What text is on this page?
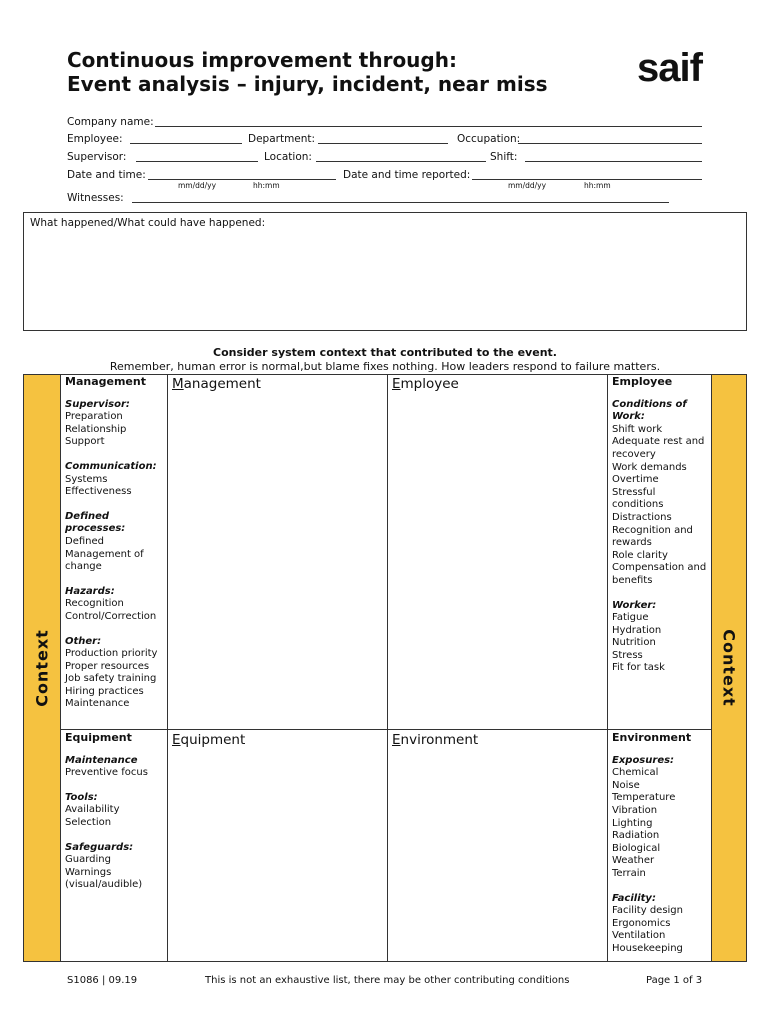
Continuous improvement through:
Event analysis – injury, incident, near miss saif
Company name:
Employee:	Department:	Occupation:
Supervisor:	Location:	Shift:
Date and time:
mm/dd/yy	hh:mm
Date and time reported:
mm/dd/yy	hh:mm
Witnesses:
What happened/What could have happened:
Consider system context that contributed to the event.
Remember, human error is normal,but blame fixes nothing. How leaders respond to failure matters.
Context	Context
Management	Employee
Equipment	Environment
Management
Supervisor:
Preparation
Relationship
Support
Communication:
Systems
Effectiveness
Defined processes:
Defined
Management of change
Hazards:
Recognition
Control/Correction
Other:
Production priority
Proper resources
Job safety training
Hiring practices
Maintenance
Employee
Conditions of Work:
Shift work
Adequate rest and recovery
Work demands
Overtime
Stressful conditions
Distractions
Recognition and rewards
Role clarity
Compensation and benefits
Worker:
Fatigue
Hydration
Nutrition
Stress
Fit for task
Equipment
Maintenance
Preventive focus
Tools:
Availability
Selection
Safeguards:
Guarding
Warnings
(visual/audible)
Environment
Exposures:
Chemical
Noise
Temperature
Vibration
Lighting
Radiation
Biological
Weather
Terrain
Facility:
Facility design
Ergonomics
Ventilation
Housekeeping
S1086 | 09.19	This is not an exhaustive list, there may be other contributing conditions	Page 1 of 3
